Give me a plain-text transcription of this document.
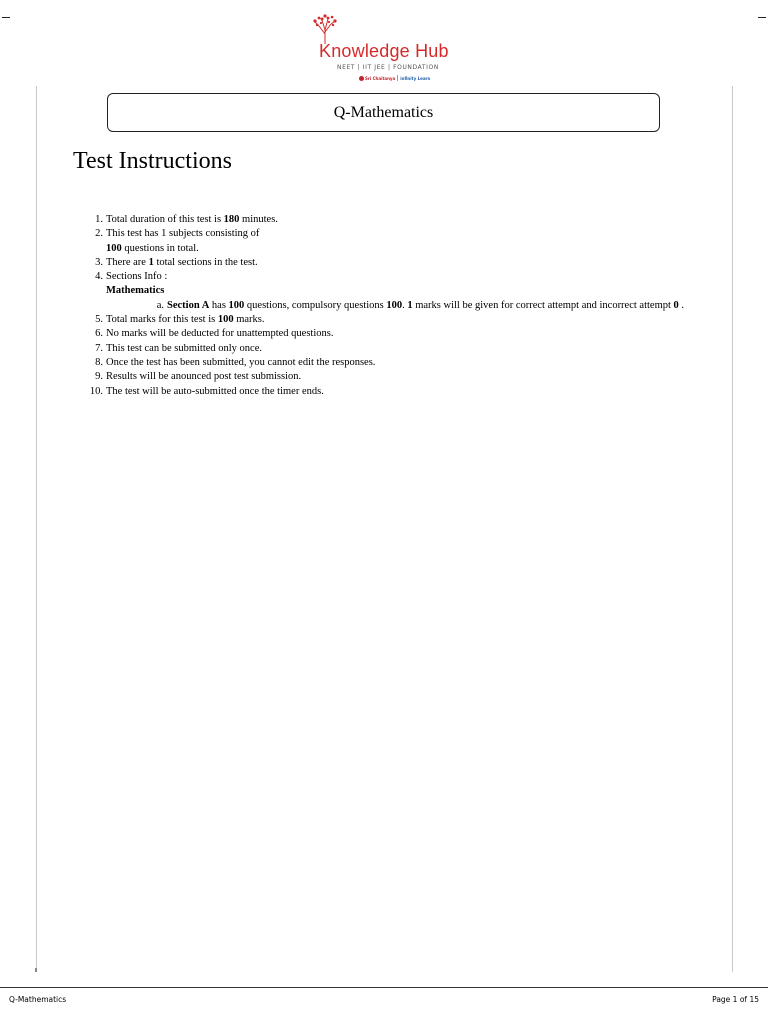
Knowledge Hub
NEET | IIT JEE | FOUNDATION
Sri Chaitanya infinity Learn
Q-Mathematics
Test Instructions
1. Total duration of this test is 180 minutes.
2. This test has 1 subjects consisting of
100 questions in total.
3. There are 1 total sections in the test.
4. Sections Info :
Mathematics
a. Section A has 100 questions, compulsory questions 100. 1 marks will be given for correct attempt and incorrect attempt 0 .
5. Total marks for this test is 100 marks.
6. No marks will be deducted for unattempted questions.
7. This test can be submitted only once.
8. Once the test has been submitted, you cannot edit the responses.
9. Results will be anounced post test submission.
10. The test will be auto-submitted once the timer ends.
Q-Mathematics	Page 1 of 15
